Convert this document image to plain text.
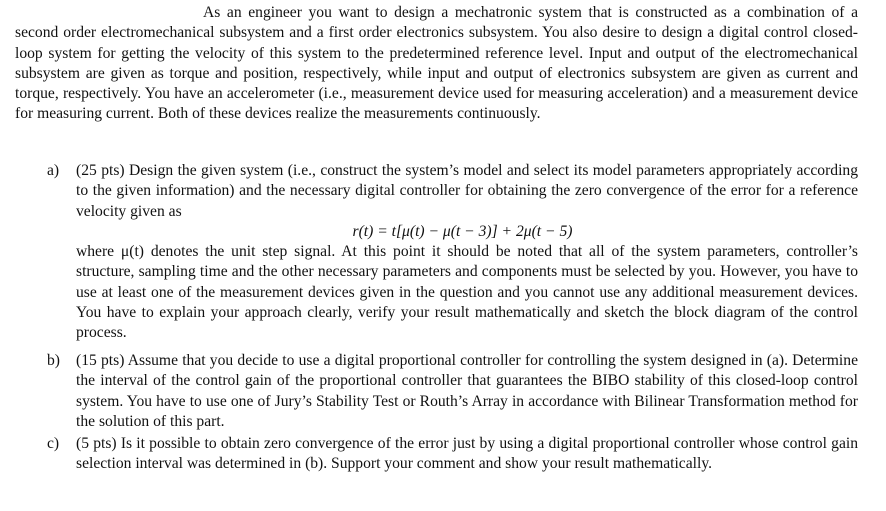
As an engineer you want to design a mechatronic system that is constructed as a combination of a second order electromechanical subsystem and a first order electronics subsystem. You also desire to design a digital control closed-loop system for getting the velocity of this system to the predetermined reference level. Input and output of the electromechanical subsystem are given as torque and position, respectively, while input and output of electronics subsystem are given as current and torque, respectively. You have an accelerometer (i.e., measurement device used for measuring acceleration) and a measurement device for measuring current. Both of these devices realize the measurements continuously.

a) (25 pts) Design the given system (i.e., construct the system’s model and select its model parameters appropriately according to the given information) and the necessary digital controller for obtaining the zero convergence of the error for a reference velocity given as

r(t) = t[μ(t) − μ(t − 3)] + 2μ(t − 5)

where μ(t) denotes the unit step signal. At this point it should be noted that all of the system parameters, controller’s structure, sampling time and the other necessary parameters and components must be selected by you. However, you have to use at least one of the measurement devices given in the question and you cannot use any additional measurement devices. You have to explain your approach clearly, verify your result mathematically and sketch the block diagram of the control process.

b) (15 pts) Assume that you decide to use a digital proportional controller for controlling the system designed in (a). Determine the interval of the control gain of the proportional controller that guarantees the BIBO stability of this closed-loop control system. You have to use one of Jury’s Stability Test or Routh’s Array in accordance with Bilinear Transformation method for the solution of this part.

c) (5 pts) Is it possible to obtain zero convergence of the error just by using a digital proportional controller whose control gain selection interval was determined in (b). Support your comment and show your result mathematically.
